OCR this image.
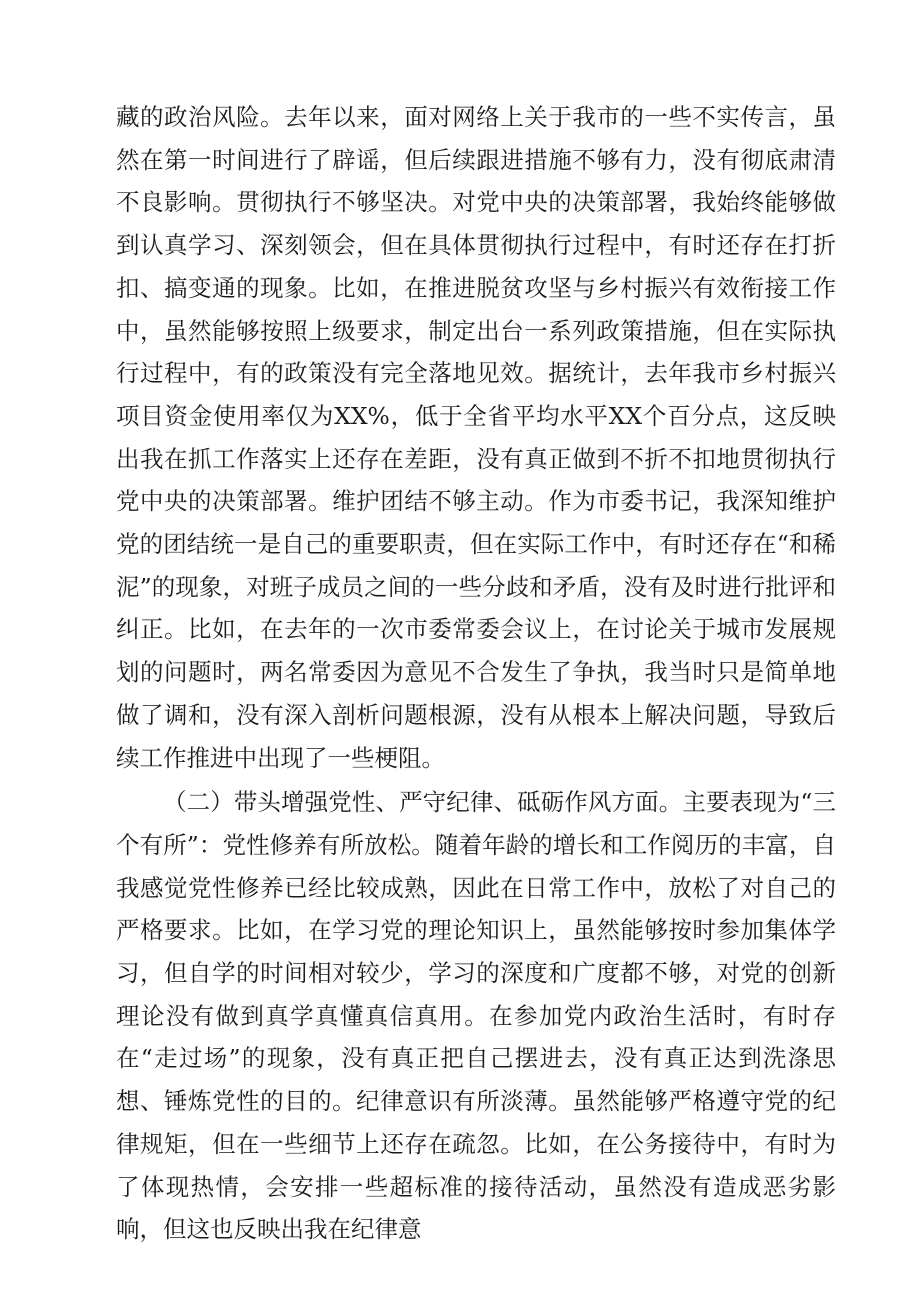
藏的政治风险。去年以来，面对网络上关于我市的一些不实传言，虽然在第一时间进行了辟谣，但后续跟进措施不够有力，没有彻底肃清不良影响。贯彻执行不够坚决。对党中央的决策部署，我始终能够做到认真学习、深刻领会，但在具体贯彻执行过程中，有时还存在打折扣、搞变通的现象。比如，在推进脱贫攻坚与乡村振兴有效衔接工作中，虽然能够按照上级要求，制定出台一系列政策措施，但在实际执行过程中，有的政策没有完全落地见效。据统计，去年我市乡村振兴项目资金使用率仅为XX%，低于全省平均水平XX个百分点，这反映出我在抓工作落实上还存在差距，没有真正做到不折不扣地贯彻执行党中央的决策部署。维护团结不够主动。作为市委书记，我深知维护党的团结统一是自己的重要职责，但在实际工作中，有时还存在“和稀泥”的现象，对班子成员之间的一些分歧和矛盾，没有及时进行批评和纠正。比如，在去年的一次市委常委会议上，在讨论关于城市发展规划的问题时，两名常委因为意见不合发生了争执，我当时只是简单地做了调和，没有深入剖析问题根源，没有从根本上解决问题，导致后续工作推进中出现了一些梗阻。

（二）带头增强党性、严守纪律、砥砺作风方面。主要表现为“三个有所”：党性修养有所放松。随着年龄的增长和工作阅历的丰富，自我感觉党性修养已经比较成熟，因此在日常工作中，放松了对自己的严格要求。比如，在学习党的理论知识上，虽然能够按时参加集体学习，但自学的时间相对较少，学习的深度和广度都不够，对党的创新理论没有做到真学真懂真信真用。在参加党内政治生活时，有时存在“走过场”的现象，没有真正把自己摆进去，没有真正达到洗涤思想、锤炼党性的目的。纪律意识有所淡薄。虽然能够严格遵守党的纪律规矩，但在一些细节上还存在疏忽。比如，在公务接待中，有时为了体现热情，会安排一些超标准的接待活动，虽然没有造成恶劣影响，但这也反映出我在纪律意
